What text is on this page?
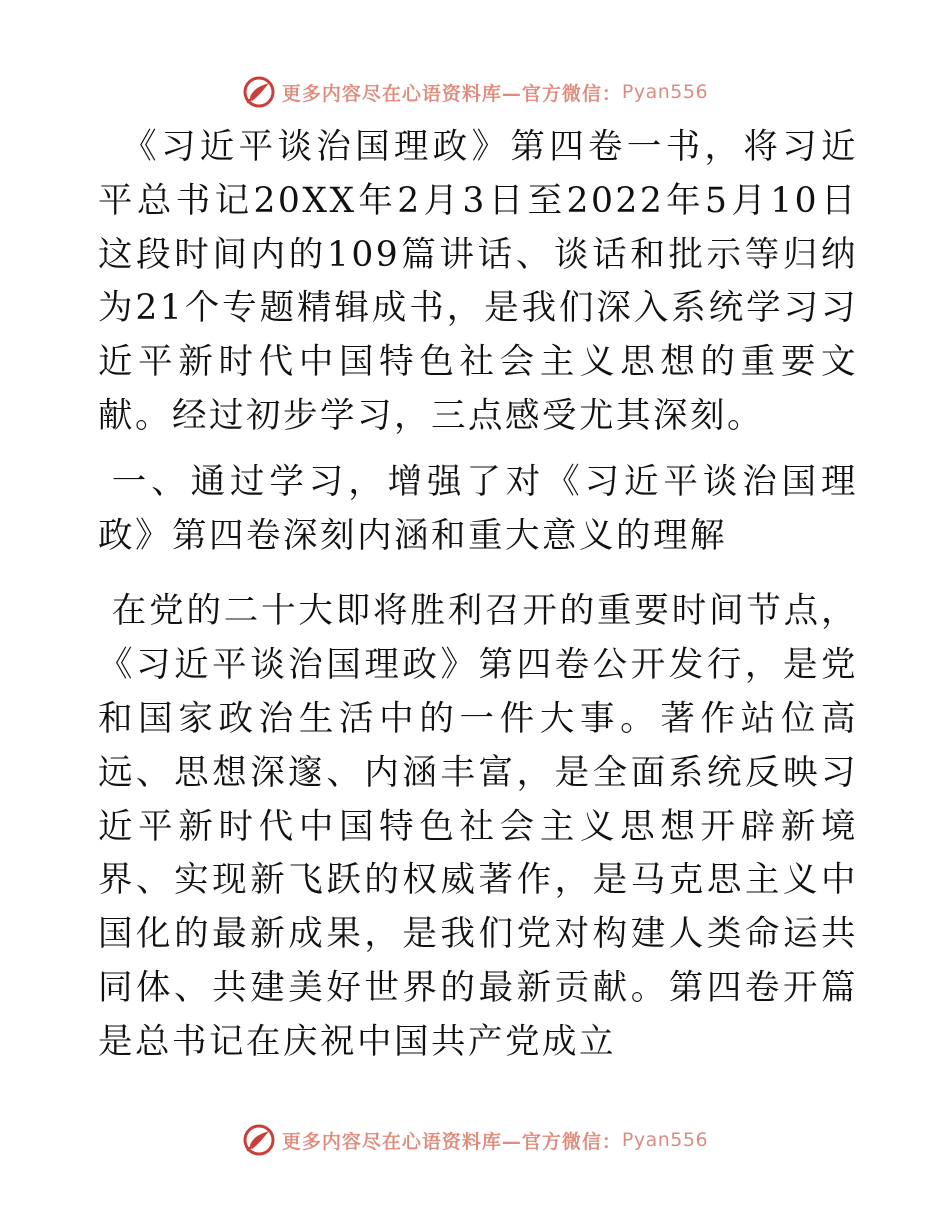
更多内容尽在心语资料库—官方微信： Pyan556

《习近平谈治国理政》第四卷一书，将习近平总书记20XX年2月3日至2022年5月10日这段时间内的109篇讲话、谈话和批示等归纳为21个专题精辑成书，是我们深入系统学习习近平新时代中国特色社会主义思想的重要文献。经过初步学习，三点感受尤其深刻。

一、通过学习，增强了对《习近平谈治国理政》第四卷深刻内涵和重大意义的理解

在党的二十大即将胜利召开的重要时间节点，《习近平谈治国理政》第四卷公开发行，是党和国家政治生活中的一件大事。著作站位高远、思想深邃、内涵丰富，是全面系统反映习近平新时代中国特色社会主义思想开辟新境界、实现新飞跃的权威著作，是马克思主义中国化的最新成果，是我们党对构建人类命运共同体、共建美好世界的最新贡献。第四卷开篇是总书记在庆祝中国共产党成立

更多内容尽在心语资料库—官方微信： Pyan556
